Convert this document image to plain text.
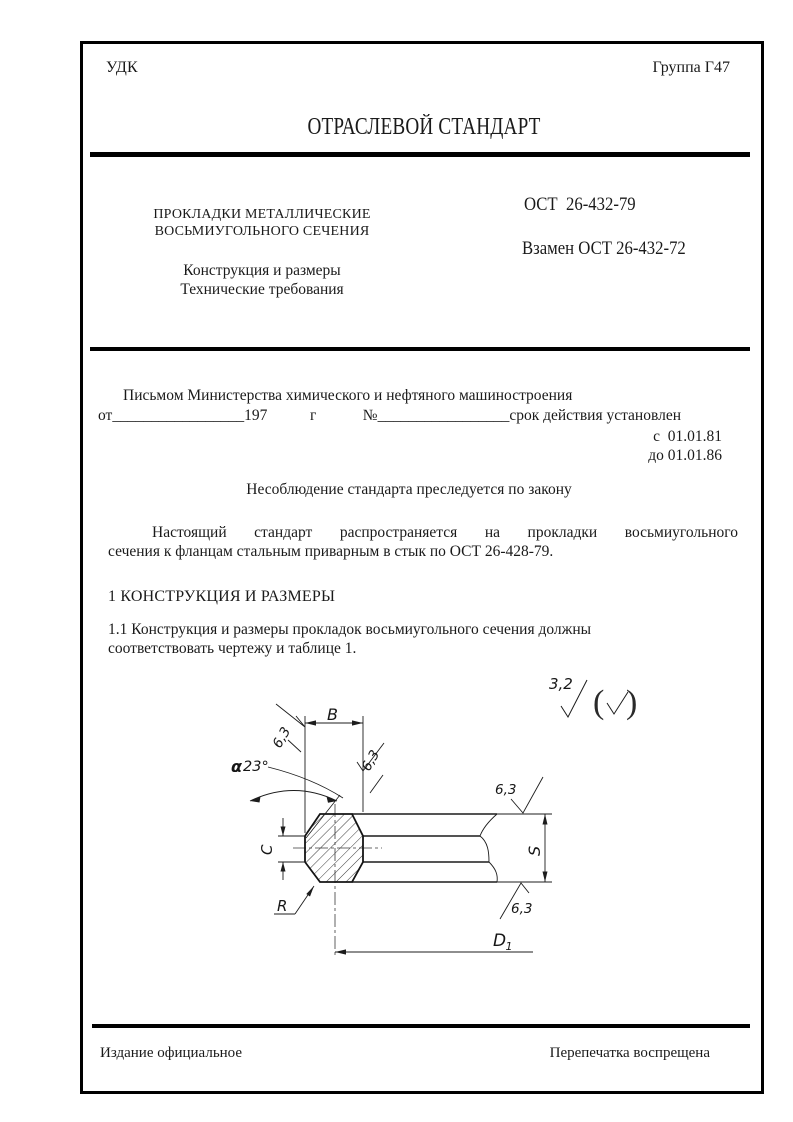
УДК	Группа Г47
ОТРАСЛЕВОЙ СТАНДАРТ
ПРОКЛАДКИ МЕТАЛЛИЧЕСКИЕ
ВОСЬМИУГОЛЬНОГО СЕЧЕНИЯ
Конструкция и размеры
Технические требования
ОСТ  26-432-79
Взамен ОСТ 26-432-72
Письмом Министерства химического и нефтяного машиностроения
от_________________197           г            №_________________срок действия установлен
с  01.01.81
до 01.01.86
Несоблюдение стандарта преследуется по закону
Настоящий стандарт распространяется на прокладки восьмиугольного
сечения к фланцам стальным приварным в стык по ОСТ 26-428-79.
1 КОНСТРУКЦИЯ И РАЗМЕРЫ
1.1 Конструкция и размеры прокладок восьмиугольного сечения должны
соответствовать чертежу и таблице 1.
В
С	S
D 1
R
α 23°
6,3
6,3
6,3
6,3
3,2 ( )
Издание официальное	Перепечатка воспрещена
